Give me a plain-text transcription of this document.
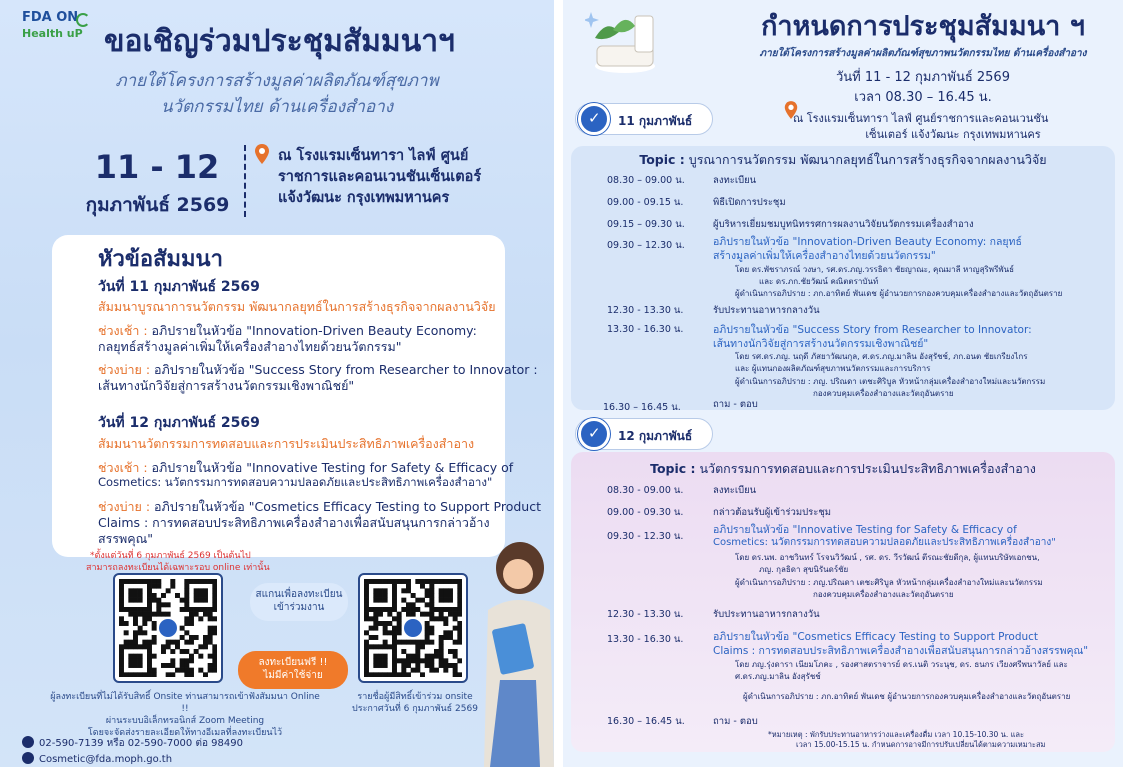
FDA ON
Health uP ขอเชิญร่วมประชุมสัมมนาฯ
ภายใต้โครงการสร้างมูลค่าผลิตภัณฑ์สุขภาพ
นวัตกรรมไทย ด้านเครื่องสำอาง
11 - 12
กุมภาพันธ์ 2569
ณ โรงแรมเซ็นทารา ไลฟ์ ศูนย์
ราชการและคอนเวนชันเซ็นเตอร์
แจ้งวัฒนะ กรุงเทพมหานคร
หัวข้อสัมมนา
วันที่ 11 กุมภาพันธ์ 2569
สัมมนาบูรณาการนวัตกรรม พัฒนากลยุทธ์ในการสร้างธุรกิจจากผลงานวิจัย
ช่วงเช้า : อภิปรายในหัวข้อ "Innovation-Driven Beauty Economy:
กลยุทธ์สร้างมูลค่าเพิ่มให้เครื่องสำอางไทยด้วยนวัตกรรม"
ช่วงบ่าย : อภิปรายในหัวข้อ "Success Story from Researcher to Innovator :
เส้นทางนักวิจัยสู่การสร้างนวัตกรรมเชิงพาณิชย์"
วันที่ 12 กุมภาพันธ์ 2569
สัมมนานวัตกรรมการทดสอบและการประเมินประสิทธิภาพเครื่องสำอาง
ช่วงเช้า : อภิปรายในหัวข้อ "Innovative Testing for Safety & Efficacy of
Cosmetics: นวัตกรรมการทดสอบความปลอดภัยและประสิทธิภาพเครื่องสำอาง"
ช่วงบ่าย : อภิปรายในหัวข้อ "Cosmetics Efficacy Testing to Support Product
Claims : การทดสอบประสิทธิภาพเครื่องสำอางเพื่อสนับสนุนการกล่าวอ้าง
สรรพคุณ"
*ตั้งแต่วันที่ 6 กุมภาพันธ์ 2569 เป็นต้นไป
สามารถลงทะเบียนได้เฉพาะรอบ online เท่านั้น
สแกนเพื่อลงทะเบียน
เข้าร่วมงาน
ลงทะเบียนฟรี !!
ไม่มีค่าใช้จ่าย
ผู้ลงทะเบียนที่ไม่ได้รับสิทธิ์ Onsite ท่านสามารถเข้าฟังสัมมนา Online !!
ผ่านระบบอิเล็กทรอนิกส์ Zoom Meeting
โดยจะจัดส่งรายละเอียดให้ทางอีเมลที่ลงทะเบียนไว้
รายชื่อผู้มีสิทธิ์เข้าร่วม onsite
ประกาศวันที่ 6 กุมภาพันธ์ 2569
02-590-7139 หรือ 02-590-7000 ต่อ 98490
Cosmetic@fda.moph.go.th
กำหนดการประชุมสัมมนา ฯ
ภายใต้โครงการสร้างมูลค่าผลิตภัณฑ์สุขภาพนวัตกรรมไทย ด้านเครื่องสำอาง
วันที่ 11 - 12 กุมภาพันธ์ 2569
เวลา 08.30 – 16.45 น.
ณ โรงแรมเซ็นทารา ไลฟ์ ศูนย์ราชการและคอนเวนชัน
เซ็นเตอร์ แจ้งวัฒนะ กรุงเทพมหานคร
✓ 11 กุมภาพันธ์
Topic : บูรณาการนวัตกรรม พัฒนากลยุทธ์ในการสร้างธุรกิจจากผลงานวิจัย
08.30 – 09.00 น.	ลงทะเบียน
09.00 - 09.15 น.	พิธีเปิดการประชุม
09.15 – 09.30 น.	ผู้บริหารเยี่ยมชมบูทนิทรรศการผลงานวิจัยนวัตกรรมเครื่องสำอาง
09.30 – 12.30 น.	อภิปรายในหัวข้อ "Innovation-Driven Beauty Economy: กลยุทธ์
สร้างมูลค่าเพิ่มให้เครื่องสำอางไทยด้วยนวัตกรรม"
โดย ดร.พัชราภรณ์ วงษา, รศ.ดร.ภญ.วรรธิดา ชัยญาณะ, คุณมาลี หาญสุริพรีพันธ์
และ ดร.ภก.ชัยวัฒน์ คณิตตราบันท์
ผู้ดำเนินการอภิปราย : ภก.อาทิตย์ พันเดช ผู้อำนวยการกองควบคุมเครื่องสำอางและวัตถุอันตราย
12.30 - 13.30 น.	รับประทานอาหารกลางวัน
13.30 - 16.30 น.	อภิปรายในหัวข้อ "Success Story from Researcher to Innovator:
เส้นทางนักวิจัยสู่การสร้างนวัตกรรมเชิงพาณิชย์"
โดย รศ.ดร.ภญ. นฤดี ภัสยาวัฒนกุล, ศ.ดร.ภญ.มาลิน อังสุรัชช์, ภก.อนต ชัยเกรียงไกร
และ ผู้แทนกองผลิตภัณฑ์สุขภาพนวัตกรรมและการบริการ
ผู้ดำเนินการอภิปราย : ภญ. ปริณดา เตชะศิริบูล หัวหน้ากลุ่มเครื่องสำอางใหม่และนวัตกรรม
กองควบคุมเครื่องสำอางและวัตถุอันตราย
16.30 – 16.45 น.	ถาม - ตอบ
✓ 12 กุมภาพันธ์
Topic : นวัตกรรมการทดสอบและการประเมินประสิทธิภาพเครื่องสำอาง
08.30 - 09.00 น.	ลงทะเบียน
09.00 - 09.30 น.	กล่าวต้อนรับผู้เข้าร่วมประชุม
09.30 - 12.30 น.
อภิปรายในหัวข้อ "Innovative Testing for Safety & Efficacy of
Cosmetics: นวัตกรรมการทดสอบความปลอดภัยและประสิทธิภาพเครื่องสำอาง"
โดย ดร.นพ. อาชวินทร์ โรจนวิวัฒน์ , รศ. ดร. วีรวัฒน์ ตีรณะชัยดีกุล, ผู้แทนบริษัทเอกชน,
ภญ. กุลธิดา สุขนิรันดร์ชัย
ผู้ดำเนินการอภิปราย : ภญ.ปริณดา เตชะศิริบูล หัวหน้ากลุ่มเครื่องสำอางใหม่และนวัตกรรม
กองควบคุมเครื่องสำอางและวัตถุอันตราย
12.30 - 13.30 น.	รับประทานอาหารกลางวัน
13.30 - 16.30 น.	อภิปรายในหัวข้อ "Cosmetics Efficacy Testing to Support Product
Claims : การทดสอบประสิทธิภาพเครื่องสำอางเพื่อสนับสนุนการกล่าวอ้างสรรพคุณ"
โดย ภญ.รุ่งดารา เนียมโภคะ , รองศาสตราจารย์ ดร.เนติ วระนุช, ดร. ธนกร เวียงศรีพนาวัลย์ และ
ศ.ดร.ภญ.มาลิน อังสุรัชช์
ผู้ดำเนินการอภิปราย : ภก.อาทิตย์ พันเดช ผู้อำนวยการกองควบคุมเครื่องสำอางและวัตถุอันตราย
16.30 – 16.45 น.	ถาม - ตอบ
*หมายเหตุ : พักรับประทานอาหารว่างและเครื่องดื่ม เวลา 10.15-10.30 น. และ
เวลา 15.00-15.15 น. กำหนดการอาจมีการปรับเปลี่ยนได้ตามความเหมาะสม
